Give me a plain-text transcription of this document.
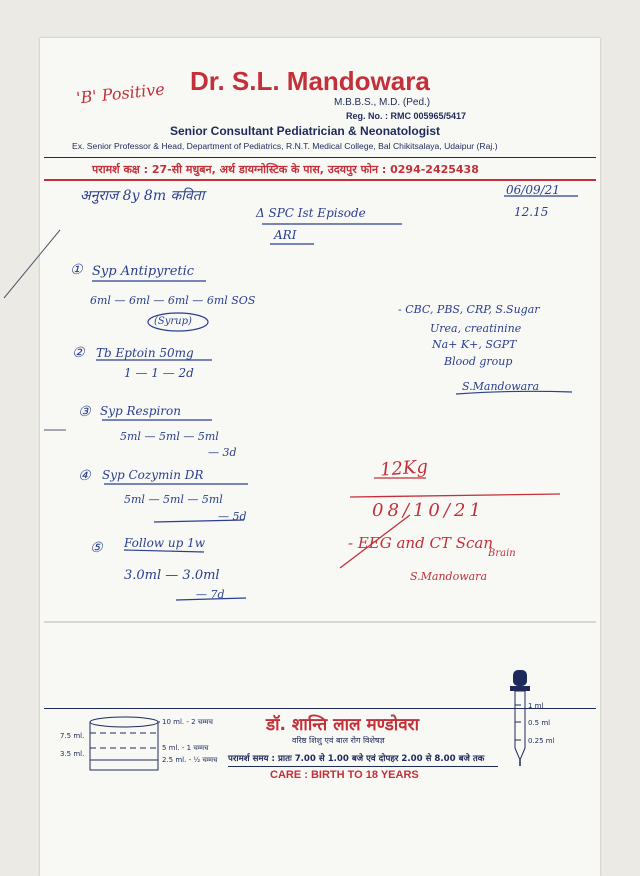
'B' Positive Dr. S.L. Mandowara
M.B.B.S., M.D. (Ped.)
Reg. No. : RMC 005965/5417
Senior Consultant Pediatrician & Neonatologist
Ex. Senior Professor & Head, Department of Pediatrics, R.N.T. Medical College, Bal Chikitsalaya, Udaipur (Raj.)
परामर्श कक्ष : 27-सी मधुबन, अर्थ डायग्नोस्टिक के पास, उदयपुर फोन : 0294-2425438
अनुराज 8y 8m कविता	06/09/21
12.15
Δ SPC Ist Episode
ARI
① Syp Antipyretic
6ml — 6ml — 6ml — 6ml SOS
(Syrup)
② Tb Eptoin 50mg
1 — 1 — 2d
③ Syp Respiron
5ml — 5ml — 5ml
— 3d
④ Syp Cozymin DR
5ml — 5ml — 5ml
— 5d
⑤ Follow up 1w
3.0ml — 3.0ml
— 7d
- CBC, PBS, CRP, S.Sugar
Urea, creatinine
Na+ K+, SGPT
Blood group
S.Mandowara
12Kg
08/10/21
- EEG and CT Scan
Brain
S.Mandowara
10 ml. - 2 चम्मच
5 ml. - 1 चम्मच
2.5 ml. - ½ चम्मच
7.5 ml.
3.5 ml.
डॉ. शान्ति लाल मण्डोवरा
वरिष्ठ शिशु एवं बाल रोग विशेषज्ञ
परामर्श समय : प्रातः 7.00 से 1.00 बजे एवं दोपहर 2.00 से 8.00 बजे तक
CARE : BIRTH TO 18 YEARS
1 ml
0.5 ml
0.25 ml
